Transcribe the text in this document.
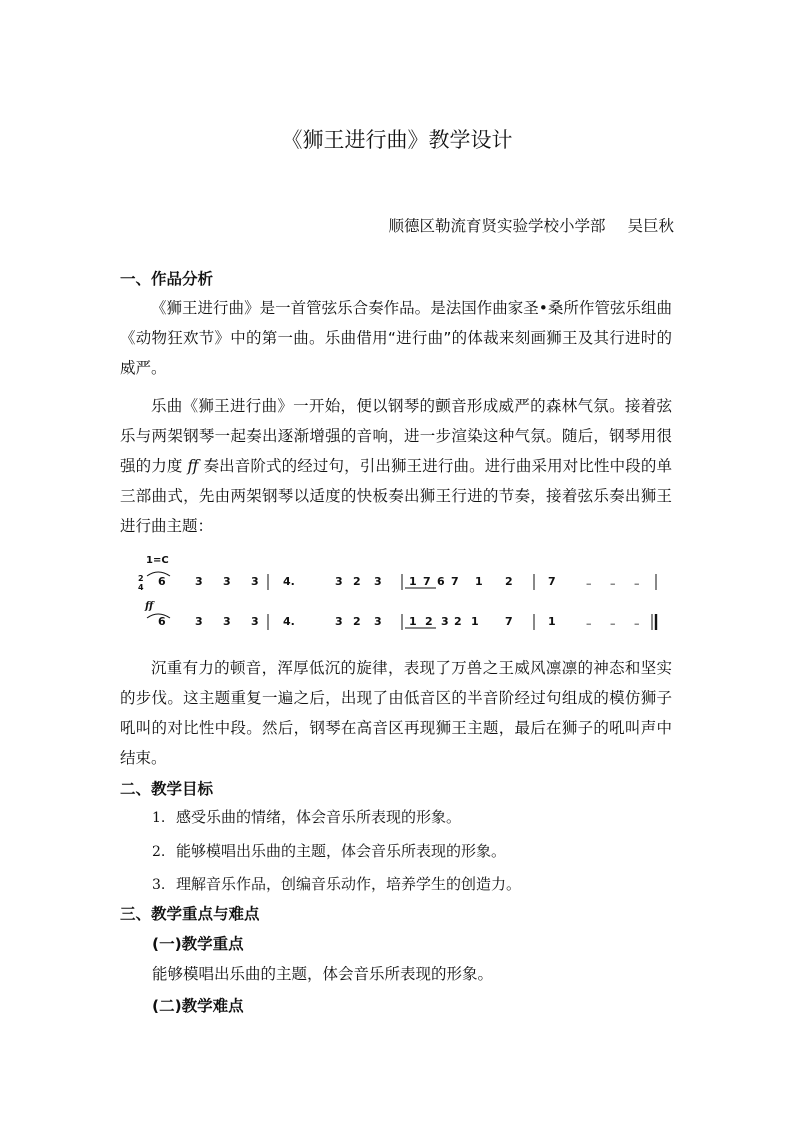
《狮王进行曲》教学设计
顺德区勒流育贤实验学校小学部 吴巨秋
一、作品分析
《狮王进行曲》是一首管弦乐合奏作品。是法国作曲家圣•桑所作管弦乐组曲《动物狂欢节》中的第一曲。乐曲借用“进行曲”的体裁来刻画狮王及其行进时的威严。
乐曲《狮王进行曲》一开始，便以钢琴的颤音形成威严的森林气氛。接着弦乐与两架钢琴一起奏出逐渐增强的音响，进一步渲染这种气氛。随后，钢琴用很强的力度 ff 奏出音阶式的经过句，引出狮王进行曲。进行曲采用对比性中段的单三部曲式，先由两架钢琴以适度的快板奏出狮王行进的节奏，接着弦乐奏出狮王进行曲主题：
1=C
2
4
ff
6	3 3 3 4.	3 2 3 1 7 6 7 1 2	7
6	3 3 3 4.	3 2 3 1 2 3 2 1 7	1
– – –
– – –
沉重有力的顿音，浑厚低沉的旋律，表现了万兽之王威风凛凛的神态和坚实的步伐。这主题重复一遍之后，出现了由低音区的半音阶经过句组成的模仿狮子吼叫的对比性中段。然后，钢琴在高音区再现狮王主题，最后在狮子的吼叫声中结束。
二、教学目标
1. 感受乐曲的情绪，体会音乐所表现的形象。
2. 能够模唱出乐曲的主题，体会音乐所表现的形象。
3. 理解音乐作品，创编音乐动作，培养学生的创造力。
三、教学重点与难点
(一)教学重点
能够模唱出乐曲的主题，体会音乐所表现的形象。
(二)教学难点
